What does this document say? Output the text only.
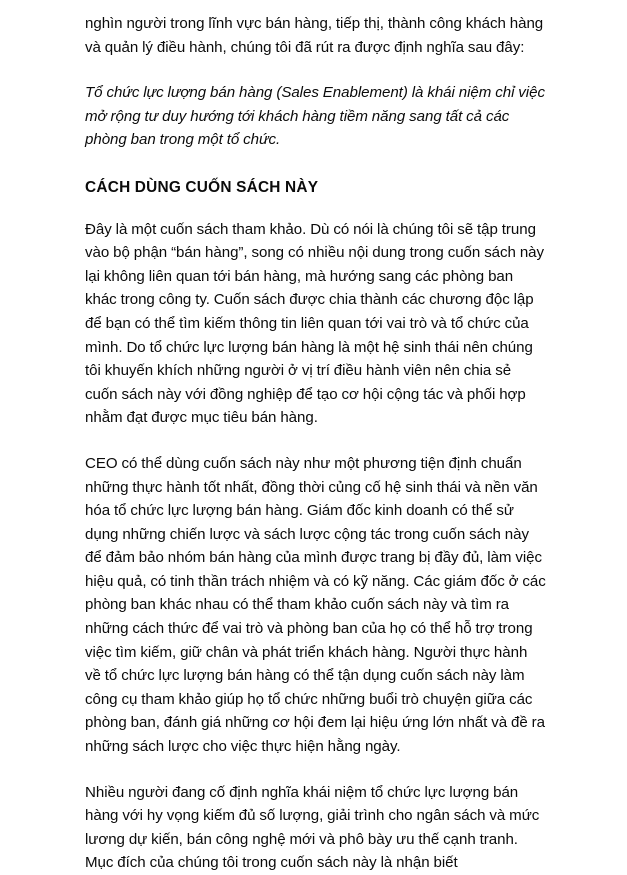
nghìn người trong lĩnh vực bán hàng, tiếp thị, thành công khách hàng và quản lý điều hành, chúng tôi đã rút ra được định nghĩa sau đây:

Tổ chức lực lượng bán hàng (Sales Enablement) là khái niệm chỉ việc mở rộng tư duy hướng tới khách hàng tiềm năng sang tất cả các phòng ban trong một tổ chức.

CÁCH DÙNG CUỐN SÁCH NÀY

Đây là một cuốn sách tham khảo. Dù có nói là chúng tôi sẽ tập trung vào bộ phận “bán hàng”, song có nhiều nội dung trong cuốn sách này lại không liên quan tới bán hàng, mà hướng sang các phòng ban khác trong công ty. Cuốn sách được chia thành các chương độc lập để bạn có thể tìm kiếm thông tin liên quan tới vai trò và tổ chức của mình. Do tổ chức lực lượng bán hàng là một hệ sinh thái nên chúng tôi khuyến khích những người ở vị trí điều hành viên nên chia sẻ cuốn sách này với đồng nghiệp để tạo cơ hội cộng tác và phối hợp nhằm đạt được mục tiêu bán hàng.

CEO có thể dùng cuốn sách này như một phương tiện định chuẩn những thực hành tốt nhất, đồng thời củng cố hệ sinh thái và nền văn hóa tổ chức lực lượng bán hàng. Giám đốc kinh doanh có thể sử dụng những chiến lược và sách lược cộng tác trong cuốn sách này để đảm bảo nhóm bán hàng của mình được trang bị đầy đủ, làm việc hiệu quả, có tinh thần trách nhiệm và có kỹ năng. Các giám đốc ở các phòng ban khác nhau có thể tham khảo cuốn sách này và tìm ra những cách thức để vai trò và phòng ban của họ có thể hỗ trợ trong việc tìm kiếm, giữ chân và phát triển khách hàng. Người thực hành về tổ chức lực lượng bán hàng có thể tận dụng cuốn sách này làm công cụ tham khảo giúp họ tổ chức những buổi trò chuyện giữa các phòng ban, đánh giá những cơ hội đem lại hiệu ứng lớn nhất và đề ra những sách lược cho việc thực hiện hằng ngày.

Nhiều người đang cố định nghĩa khái niệm tổ chức lực lượng bán hàng với hy vọng kiếm đủ số lượng, giải trình cho ngân sách và mức lương dự kiến, bán công nghệ mới và phô bày ưu thế cạnh tranh. Mục đích của chúng tôi trong cuốn sách này là nhận biết
